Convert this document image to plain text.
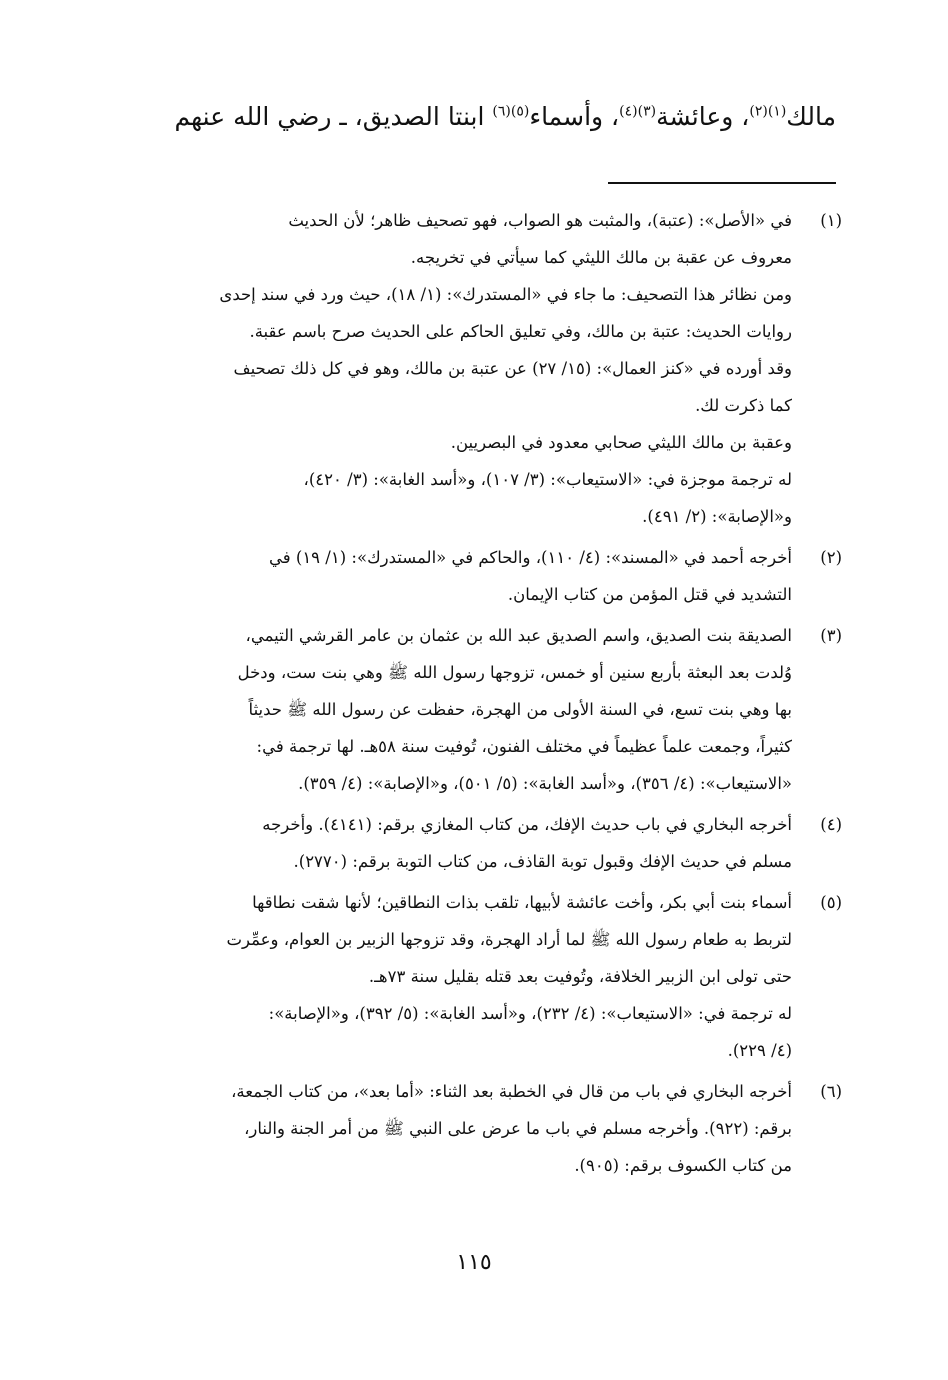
مالك$^{(١)(٢)}$، وعائشة$^{(٣)(٤)}$، وأسماء$^{(٥)(٦)}$ ابنتا الصديق، ـ رضي الله عنهم
(١)
في «الأصل»: (عتبة)، والمثبت هو الصواب، فهو تصحيف ظاهر؛ لأن الحديث
معروف عن عقبة بن مالك الليثي كما سيأتي في تخريجه.
ومن نظائر هذا التصحيف: ما جاء في «المستدرك»: (١/ ١٨)، حيث ورد في سند إحدى
روايات الحديث: عتبة بن مالك، وفي تعليق الحاكم على الحديث صرح باسم عقبة.
وقد أورده في «كنز العمال»: (١٥/ ٢٧) عن عتبة بن مالك، وهو في كل ذلك تصحيف
كما ذكرت لك.
وعقبة بن مالك الليثي صحابي معدود في البصريين.
له ترجمة موجزة في: «الاستيعاب»: (٣/ ١٠٧)، و«أسد الغابة»: (٣/ ٤٢٠)،
و«الإصابة»: (٢/ ٤٩١).
(٢)
أخرجه أحمد في «المسند»: (٤/ ١١٠)، والحاكم في «المستدرك»: (١/ ١٩) في
التشديد في قتل المؤمن من كتاب الإيمان.
(٣)
الصديقة بنت الصديق، واسم الصديق عبد الله بن عثمان بن عامر القرشي التيمي،
وُلدت بعد البعثة بأربع سنين أو خمس، تزوجها رسول الله ﷺ وهي بنت ست، ودخل
بها وهي بنت تسع، في السنة الأولى من الهجرة، حفظت عن رسول الله ﷺ حديثاً
كثيراً، وجمعت علماً عظيماً في مختلف الفنون، تُوفيت سنة ٥٨هـ. لها ترجمة في:
«الاستيعاب»: (٤/ ٣٥٦)، و«أسد الغابة»: (٥/ ٥٠١)، و«الإصابة»: (٤/ ٣٥٩).
(٤)
أخرجه البخاري في باب حديث الإفك، من كتاب المغازي برقم: (٤١٤١). وأخرجه
مسلم في حديث الإفك وقبول توبة القاذف، من كتاب التوبة برقم: (٢٧٧٠).
(٥)
أسماء بنت أبي بكر، وأخت عائشة لأبيها، تلقب بذات النطاقين؛ لأنها شقت نطاقها
لتربط به طعام رسول الله ﷺ لما أراد الهجرة، وقد تزوجها الزبير بن العوام، وعمِّرت
حتى تولى ابن الزبير الخلافة، وتُوفيت بعد قتله بقليل سنة ٧٣هـ.
له ترجمة في: «الاستيعاب»: (٤/ ٢٣٢)، و«أسد الغابة»: (٥/ ٣٩٢)، و«الإصابة»:
(٤/ ٢٢٩).
(٦)
أخرجه البخاري في باب من قال في الخطبة بعد الثناء: «أما بعد»، من كتاب الجمعة،
برقم: (٩٢٢). وأخرجه مسلم في باب ما عرض على النبي ﷺ من أمر الجنة والنار،
من كتاب الكسوف برقم: (٩٠٥).
١١٥
